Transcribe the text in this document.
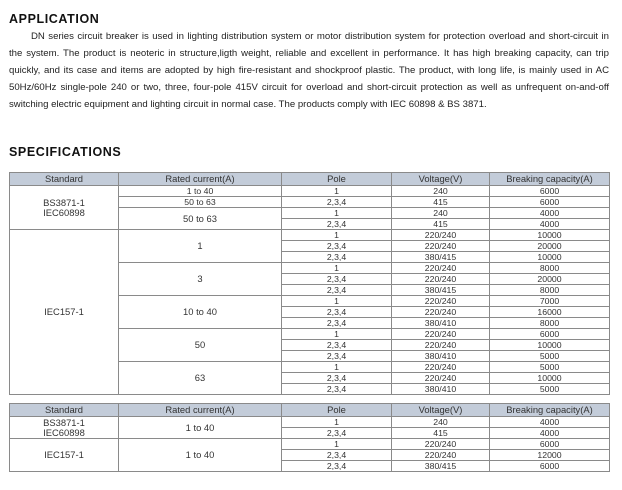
APPLICATION

DN series circuit breaker is used in lighting distribution system or motor distribution system for protection overload and short-circuit in the system. The product is neoteric in structure,ligth weight, reliable and excellent in performance. It has high breaking capacity, can trip quickly, and its case and items are adopted by high fire-resistant and shockproof plastic. The product, with long life, is mainly used in AC 50Hz/60Hz single-pole 240 or two, three, four-pole 415V circuit for overload and short-circuit protection as well as unfrequent on-and-off switching electric equipment and lighting circuit in normal case. The products comply with IEC 60898 & BS 3871.

SPECIFICATIONS
Standard	Rated current(A)	Pole	Voltage(V)	Breaking capacity(A)
BS3871-1
IEC60898	1 to 40	1	240	6000
	50 to 63	2,3,4	415	6000
	50 to 63	1	240	4000
		2,3,4	415	4000
IEC157-1	1	1	220/240	10000
		2,3,4	220/240	20000
		2,3,4	380/415	10000
	3	1	220/240	8000
		2,3,4	220/240	20000
		2,3,4	380/415	8000
	10 to 40	1	220/240	7000
		2,3,4	220/240	16000
		2,3,4	380/410	8000
	50	1	220/240	6000
		2,3,4	220/240	10000
		2,3,4	380/410	5000
	63	1	220/240	5000
		2,3,4	220/240	10000
		2,3,4	380/410	5000
Standard	Rated current(A)	Pole	Voltage(V)	Breaking capacity(A)
BS3871-1
IEC60898	1 to 40	1	240	4000
		2,3,4	415	4000
IEC157-1	1 to 40	1	220/240	6000
		2,3,4	220/240	12000
		2,3,4	380/415	6000
